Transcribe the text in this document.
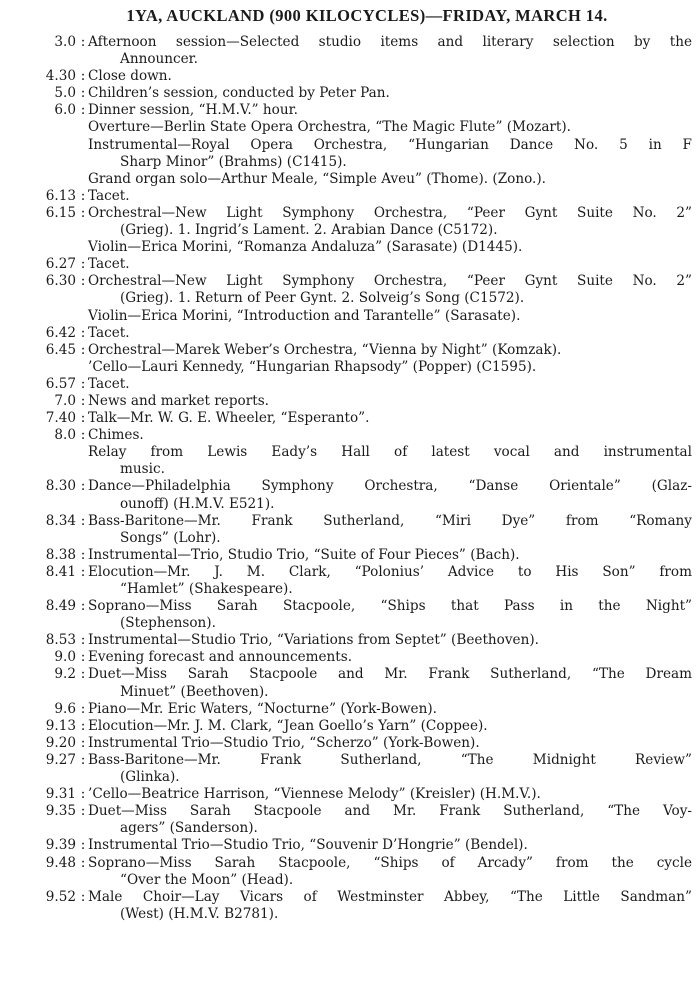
1YA, AUCKLAND (900 KILOCYCLES)—FRIDAY, MARCH 14.
3.0 : Afternoon session—Selected studio items and literary selection by the
Announcer.
4.30 : Close down.
5.0 : Children’s session, conducted by Peter Pan.
6.0 : Dinner session, “H.M.V.” hour.
Overture—Berlin State Opera Orchestra, “The Magic Flute” (Mozart).
Instrumental—Royal Opera Orchestra, “Hungarian Dance No. 5 in F
Sharp Minor” (Brahms) (C1415).
Grand organ solo—Arthur Meale, “Simple Aveu” (Thome). (Zono.).
6.13 : Tacet.
6.15 : Orchestral—New Light Symphony Orchestra, “Peer Gynt Suite No. 2”
(Grieg). 1. Ingrid’s Lament. 2. Arabian Dance (C5172).
Violin—Erica Morini, “Romanza Andaluza” (Sarasate) (D1445).
6.27 : Tacet.
6.30 : Orchestral—New Light Symphony Orchestra, “Peer Gynt Suite No. 2”
(Grieg). 1. Return of Peer Gynt. 2. Solveig’s Song (C1572).
Violin—Erica Morini, “Introduction and Tarantelle” (Sarasate).
6.42 : Tacet.
6.45 : Orchestral—Marek Weber’s Orchestra, “Vienna by Night” (Komzak).
’Cello—Lauri Kennedy, “Hungarian Rhapsody” (Popper) (C1595).
6.57 : Tacet.
7.0 : News and market reports.
7.40 : Talk—Mr. W. G. E. Wheeler, “Esperanto”.
8.0 : Chimes.
Relay from Lewis Eady’s Hall of latest vocal and instrumental
music.
8.30 : Dance—Philadelphia Symphony Orchestra, “Danse Orientale” (Glaz-
ounoff) (H.M.V. E521).
8.34 : Bass-Baritone—Mr. Frank Sutherland, “Miri Dye” from “Romany
Songs” (Lohr).
8.38 : Instrumental—Trio, Studio Trio, “Suite of Four Pieces” (Bach).
8.41 : Elocution—Mr. J. M. Clark, “Polonius’ Advice to His Son” from
“Hamlet” (Shakespeare).
8.49 : Soprano—Miss Sarah Stacpoole, “Ships that Pass in the Night”
(Stephenson).
8.53 : Instrumental—Studio Trio, “Variations from Septet” (Beethoven).
9.0 : Evening forecast and announcements.
9.2 : Duet—Miss Sarah Stacpoole and Mr. Frank Sutherland, “The Dream
Minuet” (Beethoven).
9.6 : Piano—Mr. Eric Waters, “Nocturne” (York-Bowen).
9.13 : Elocution—Mr. J. M. Clark, “Jean Goello’s Yarn” (Coppee).
9.20 : Instrumental Trio—Studio Trio, “Scherzo” (York-Bowen).
9.27 : Bass-Baritone—Mr. Frank Sutherland, “The Midnight Review”
(Glinka).
9.31 : ’Cello—Beatrice Harrison, “Viennese Melody” (Kreisler) (H.M.V.).
9.35 : Duet—Miss Sarah Stacpoole and Mr. Frank Sutherland, “The Voy-
agers” (Sanderson).
9.39 : Instrumental Trio—Studio Trio, “Souvenir D’Hongrie” (Bendel).
9.48 : Soprano—Miss Sarah Stacpoole, “Ships of Arcady” from the cycle
“Over the Moon” (Head).
9.52 : Male Choir—Lay Vicars of Westminster Abbey, “The Little Sandman”
(West) (H.M.V. B2781).
